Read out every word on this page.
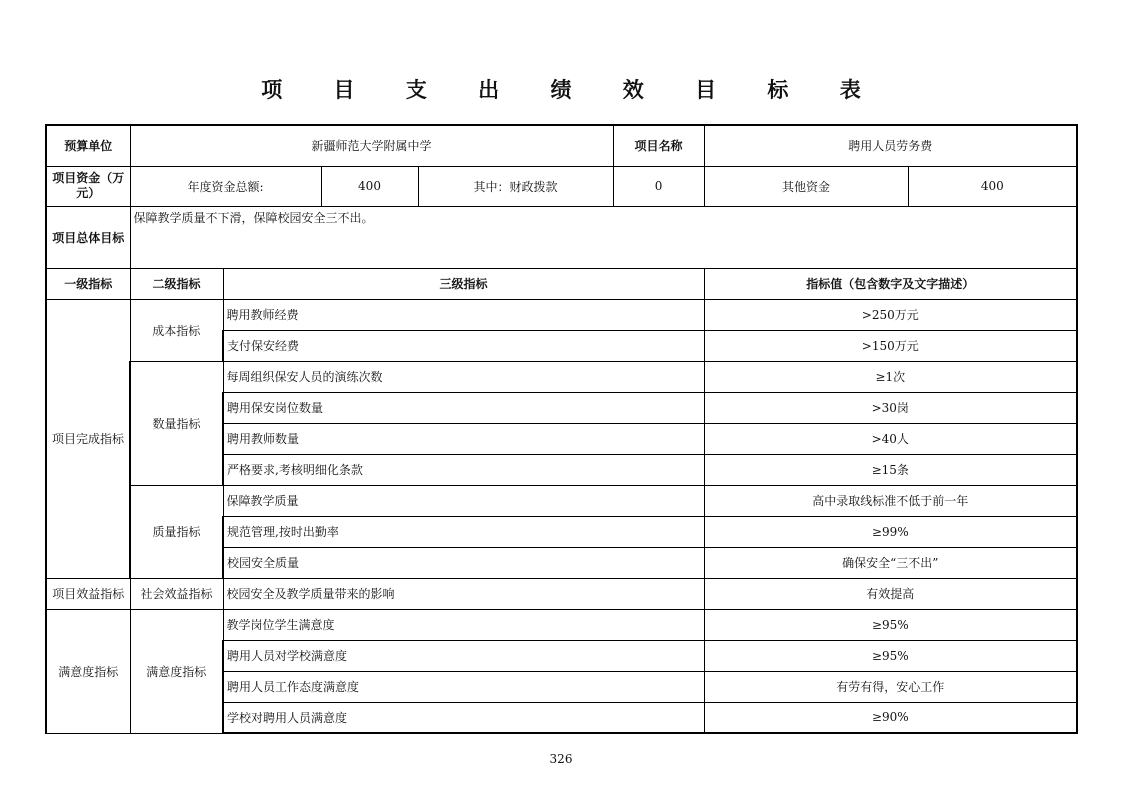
项 目 支 出 绩 效 目 标 表
预算单位	新疆师范大学附属中学				项目名称	聘用人员劳务费	
项目资金（万元）	年度资金总额:		400	其中：财政拨款	0	其他资金	400
项目总体目标	保障教学质量不下滑，保障校园安全三不出。						
一级指标	二级指标	三级指标				指标值（包含数字及文字描述）	
项目完成指标	成本指标	聘用教师经费				>250万元	
		支付保安经费				>150万元	
	数量指标	每周组织保安人员的演练次数				≥1次	
		聘用保安岗位数量				>30岗	
		聘用教师数量				>40人	
		严格要求,考核明细化条款				≥15条	
	质量指标	保障教学质量				高中录取线标准不低于前一年	
		规范管理,按时出勤率				≥99%	
		校园安全质量				确保安全“三不出”	
项目效益指标	社会效益指标	校园安全及教学质量带来的影响				有效提高	
满意度指标	满意度指标	教学岗位学生满意度				≥95%	
		聘用人员对学校满意度				≥95%	
		聘用人员工作态度满意度				有劳有得，安心工作	
		学校对聘用人员满意度				≥90%	
326
